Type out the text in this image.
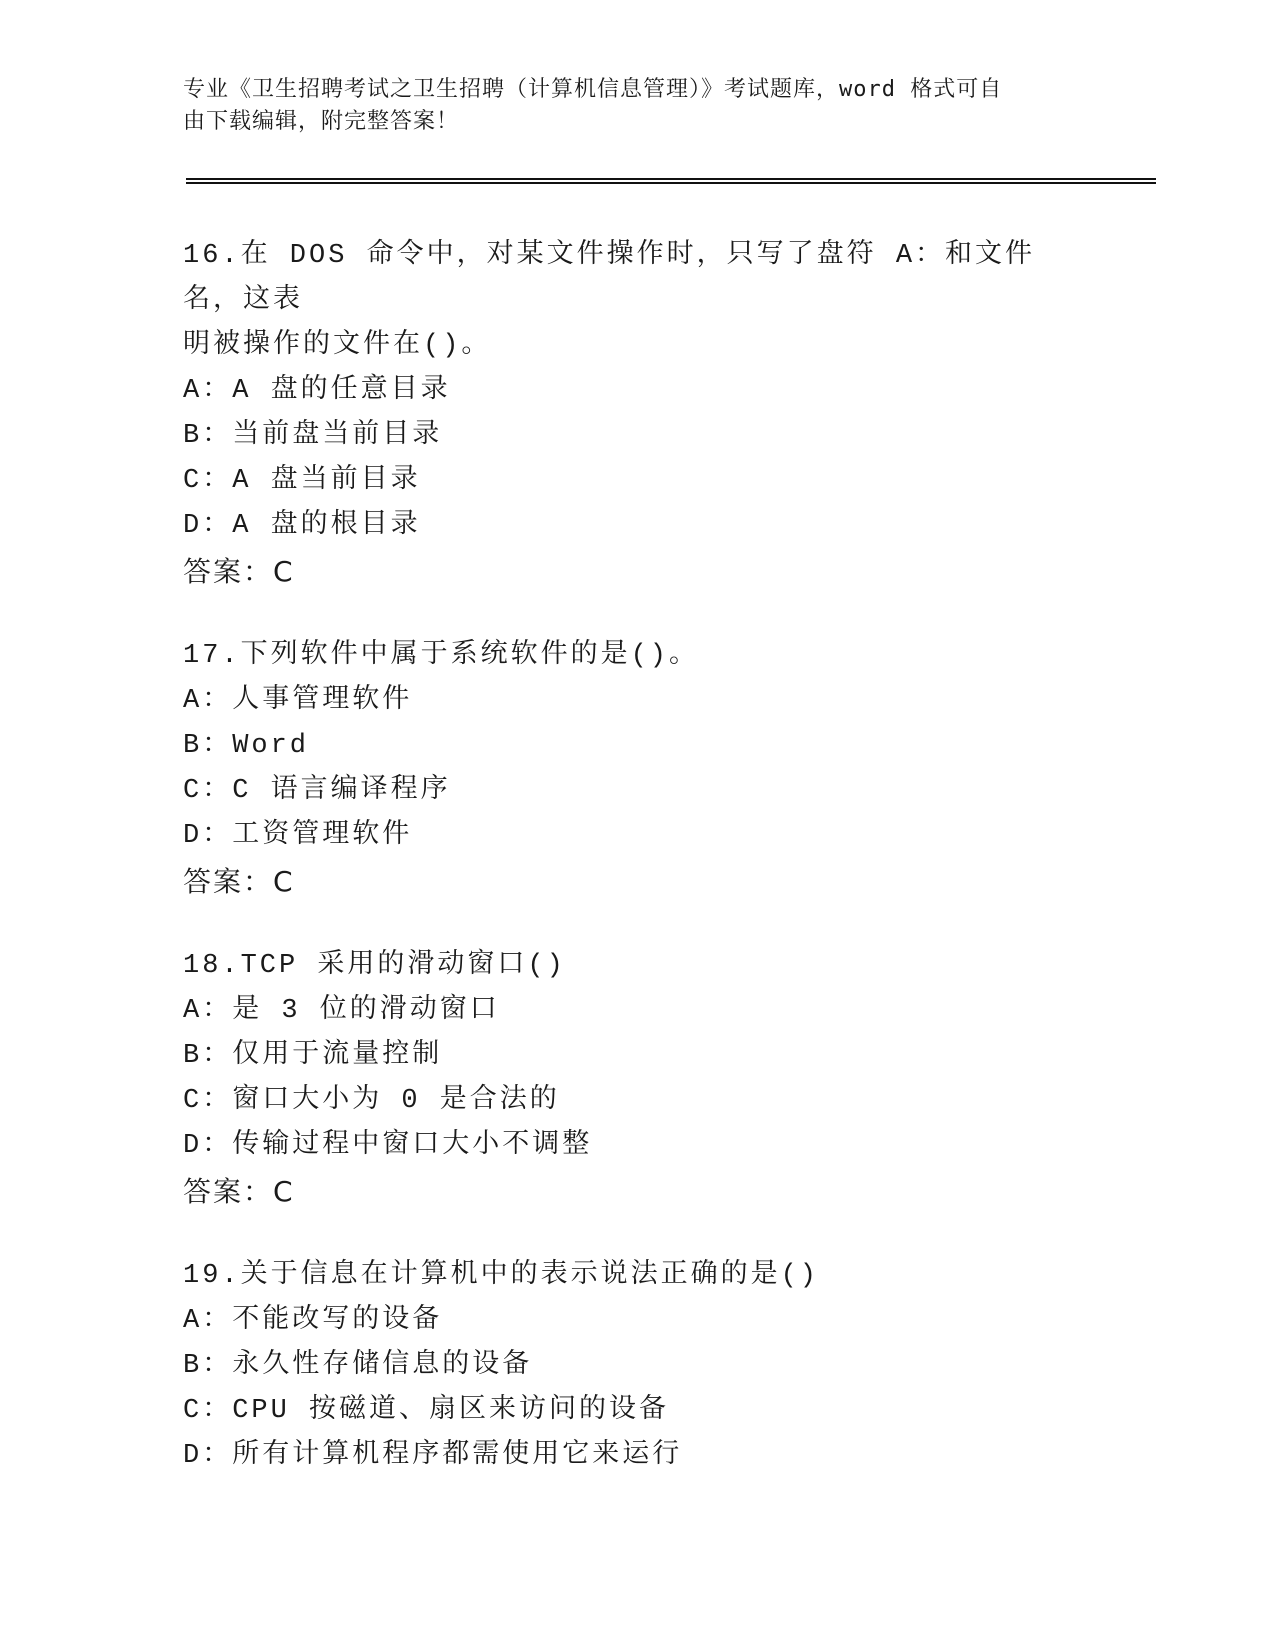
专业《卫生招聘考试之卫生招聘（计算机信息管理）》考试题库，word 格式可自
由下载编辑，附完整答案！
16.在 DOS 命令中，对某文件操作时，只写了盘符 A：和文件名，这表
明被操作的文件在()。
A：A 盘的任意目录
B：当前盘当前目录
C：A 盘当前目录
D：A 盘的根目录
答案：C
17.下列软件中属于系统软件的是()。
A：人事管理软件
B：Word
C：C 语言编译程序
D：工资管理软件
答案：C
18.TCP 采用的滑动窗口()
A：是 3 位的滑动窗口
B：仅用于流量控制
C：窗口大小为 0 是合法的
D：传输过程中窗口大小不调整
答案：C
19.关于信息在计算机中的表示说法正确的是()
A：不能改写的设备
B：永久性存储信息的设备
C：CPU 按磁道、扇区来访问的设备
D：所有计算机程序都需使用它来运行
